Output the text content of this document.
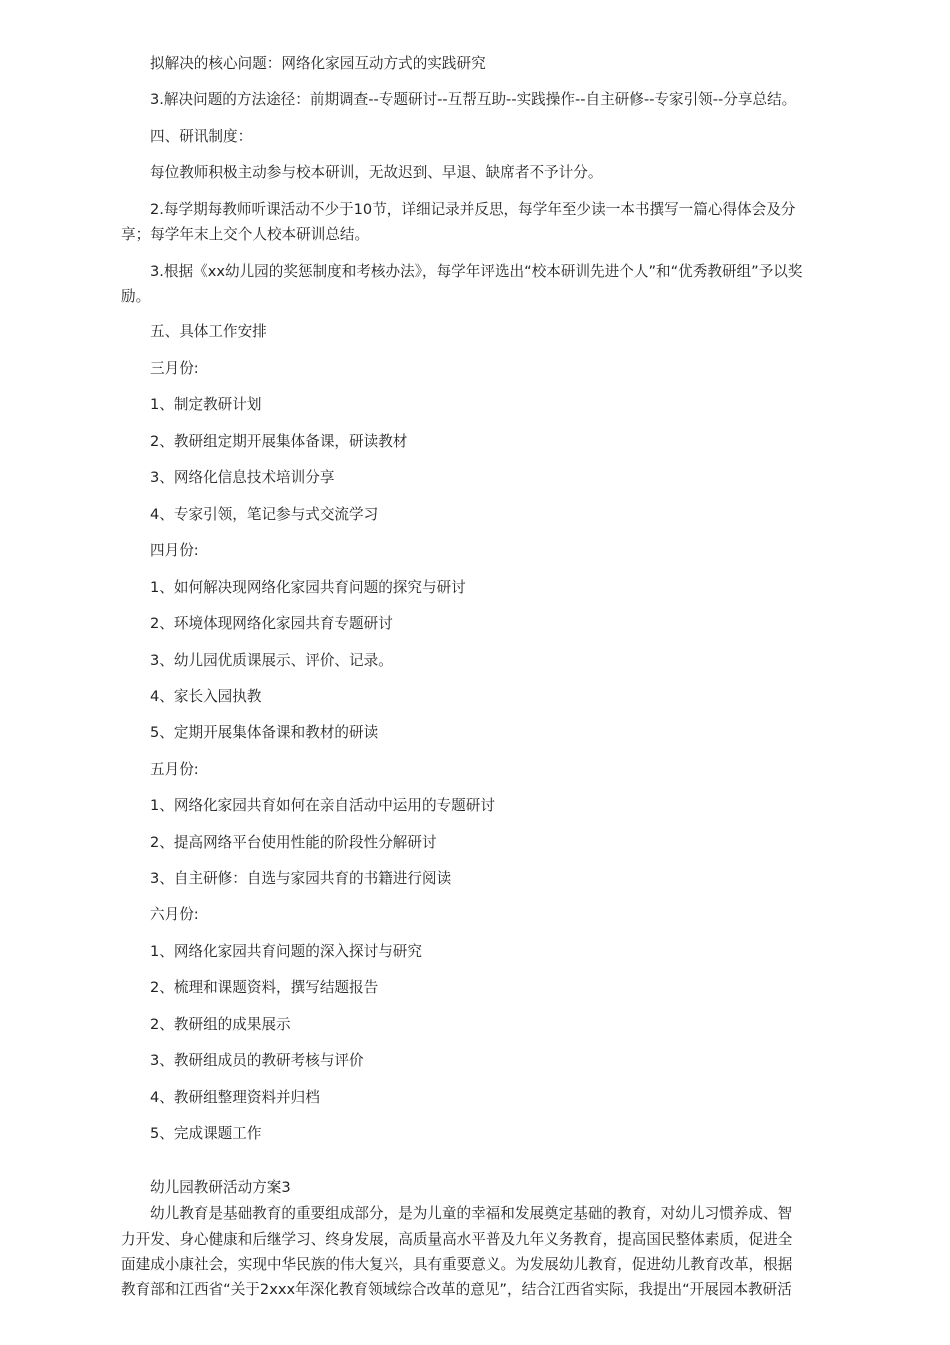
拟解决的核心问题：网络化家园互动方式的实践研究
3.解决问题的方法途径：前期调查--专题研讨--互帮互助--实践操作--自主研修--专家引领--分享总结。
四、研讯制度：
每位教师积极主动参与校本研训，无故迟到、早退、缺席者不予计分。
2.每学期每教师听课活动不少于10节，详细记录并反思，每学年至少读一本书撰写一篇心得体会及分
享；每学年末上交个人校本研训总结。
3.根据《xx幼儿园的奖惩制度和考核办法》，每学年评选出“校本研训先进个人”和“优秀教研组”予以奖
励。
五、具体工作安排
三月份:
1、制定教研计划
2、教研组定期开展集体备课，研读教材
3、网络化信息技术培训分享
4、专家引领，笔记参与式交流学习
四月份:
1、如何解决现网络化家园共育问题的探究与研讨
2、环境体现网络化家园共育专题研讨
3、幼儿园优质课展示、评价、记录。
4、家长入园执教
5、定期开展集体备课和教材的研读
五月份:
1、网络化家园共育如何在亲自活动中运用的专题研讨
2、提高网络平台使用性能的阶段性分解研讨
3、自主研修：自选与家园共育的书籍进行阅读
六月份:
1、网络化家园共育问题的深入探讨与研究
2、梳理和课题资料，撰写结题报告
2、教研组的成果展示
3、教研组成员的教研考核与评价
4、教研组整理资料并归档
5、完成课题工作
幼儿园教研活动方案3
幼儿教育是基础教育的重要组成部分，是为儿童的幸福和发展奠定基础的教育，对幼儿习惯养成、智
力开发、身心健康和后继学习、终身发展，高质量高水平普及九年义务教育，提高国民整体素质，促进全
面建成小康社会，实现中华民族的伟大复兴，具有重要意义。为发展幼儿教育，促进幼儿教育改革，根据
教育部和江西省“关于2xxx年深化教育领域综合改革的意见”，结合江西省实际，我提出“开展园本教研活
